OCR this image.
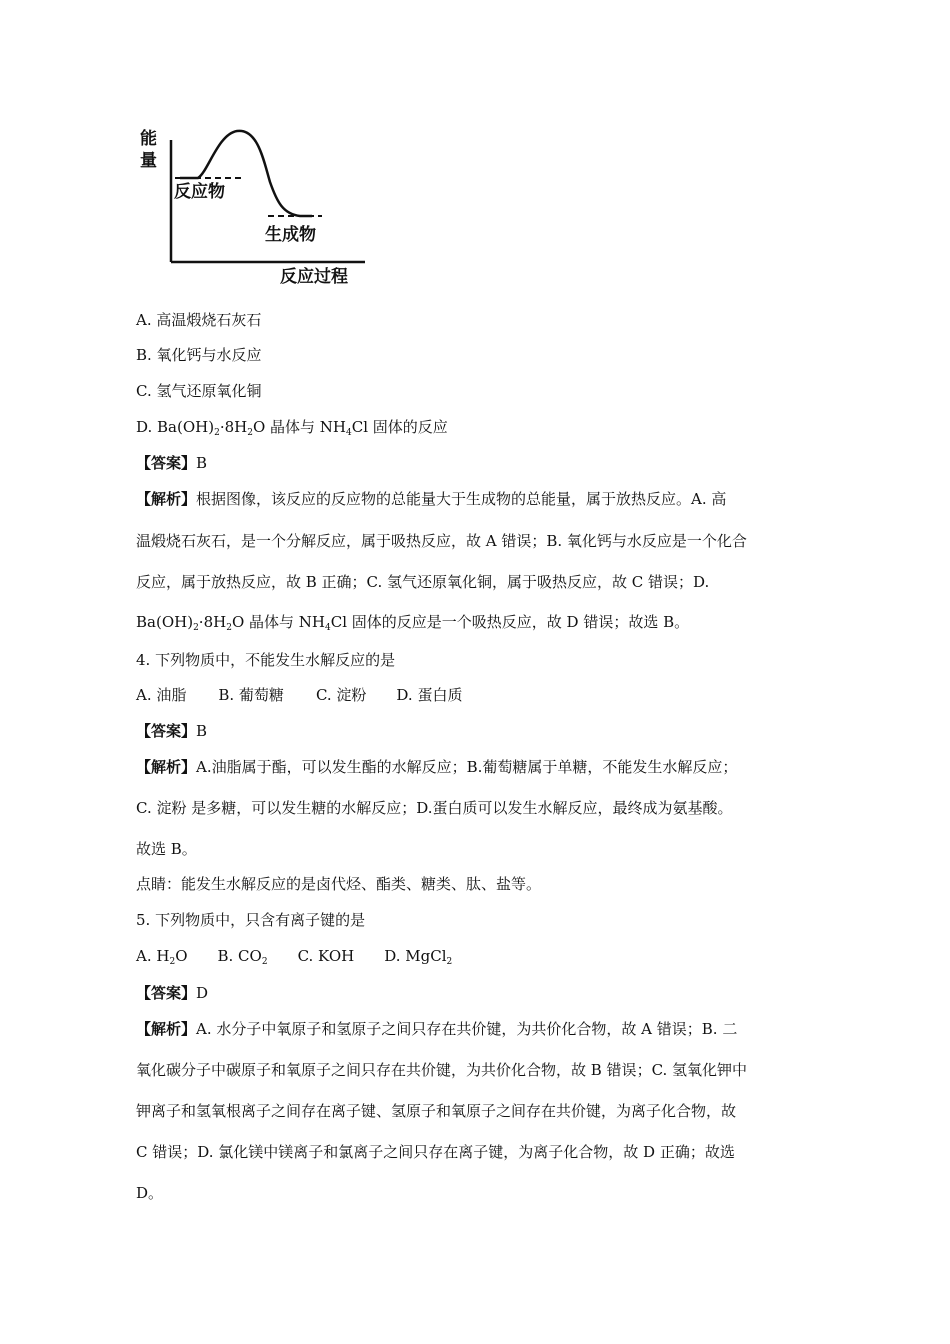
能
量
反应物
生成物
反应过程
A. 高温煅烧石灰石
B. 氧化钙与水反应
C. 氢气还原氧化铜
D. $Ba(OH)_2\cdot 8H_2O$ 晶体与 $NH_4Cl$ 固体的反应
【答案】B
【解析】根据图像，该反应的反应物的总能量大于生成物的总能量，属于放热反应。A. 高
温煅烧石灰石，是一个分解反应，属于吸热反应，故 A 错误；B. 氧化钙与水反应是一个化合
反应，属于放热反应，故 B 正确；C. 氢气还原氧化铜，属于吸热反应，故 C 错误；D.
$Ba(OH)_2\cdot 8H_2O$ 晶体与 $NH_4Cl$ 固体的反应是一个吸热反应，故 D 错误；故选 B。
4. 下列物质中，不能发生水解反应的是
A. 油脂 B. 葡萄糖 C. 淀粉 D. 蛋白质
【答案】B
【解析】A.油脂属于酯，可以发生酯的水解反应；B.葡萄糖属于单糖，不能发生水解反应；
C. 淀粉 是多糖，可以发生糖的水解反应；D.蛋白质可以发生水解反应，最终成为氨基酸。
故选 B。
点睛：能发生水解反应的是卤代烃、酯类、糖类、肽、盐等。
5. 下列物质中，只含有离子键的是
A. $H_2O$ B. $CO_2$ C. KOH D. MgCl$_2$
【答案】D
【解析】A. 水分子中氧原子和氢原子之间只存在共价键，为共价化合物，故 A 错误；B. 二
氧化碳分子中碳原子和氧原子之间只存在共价键，为共价化合物，故 B 错误；C. 氢氧化钾中
钾离子和氢氧根离子之间存在离子键、氢原子和氧原子之间存在共价键，为离子化合物，故
C 错误；D. 氯化镁中镁离子和氯离子之间只存在离子键，为离子化合物，故 D 正确；故选
D。
